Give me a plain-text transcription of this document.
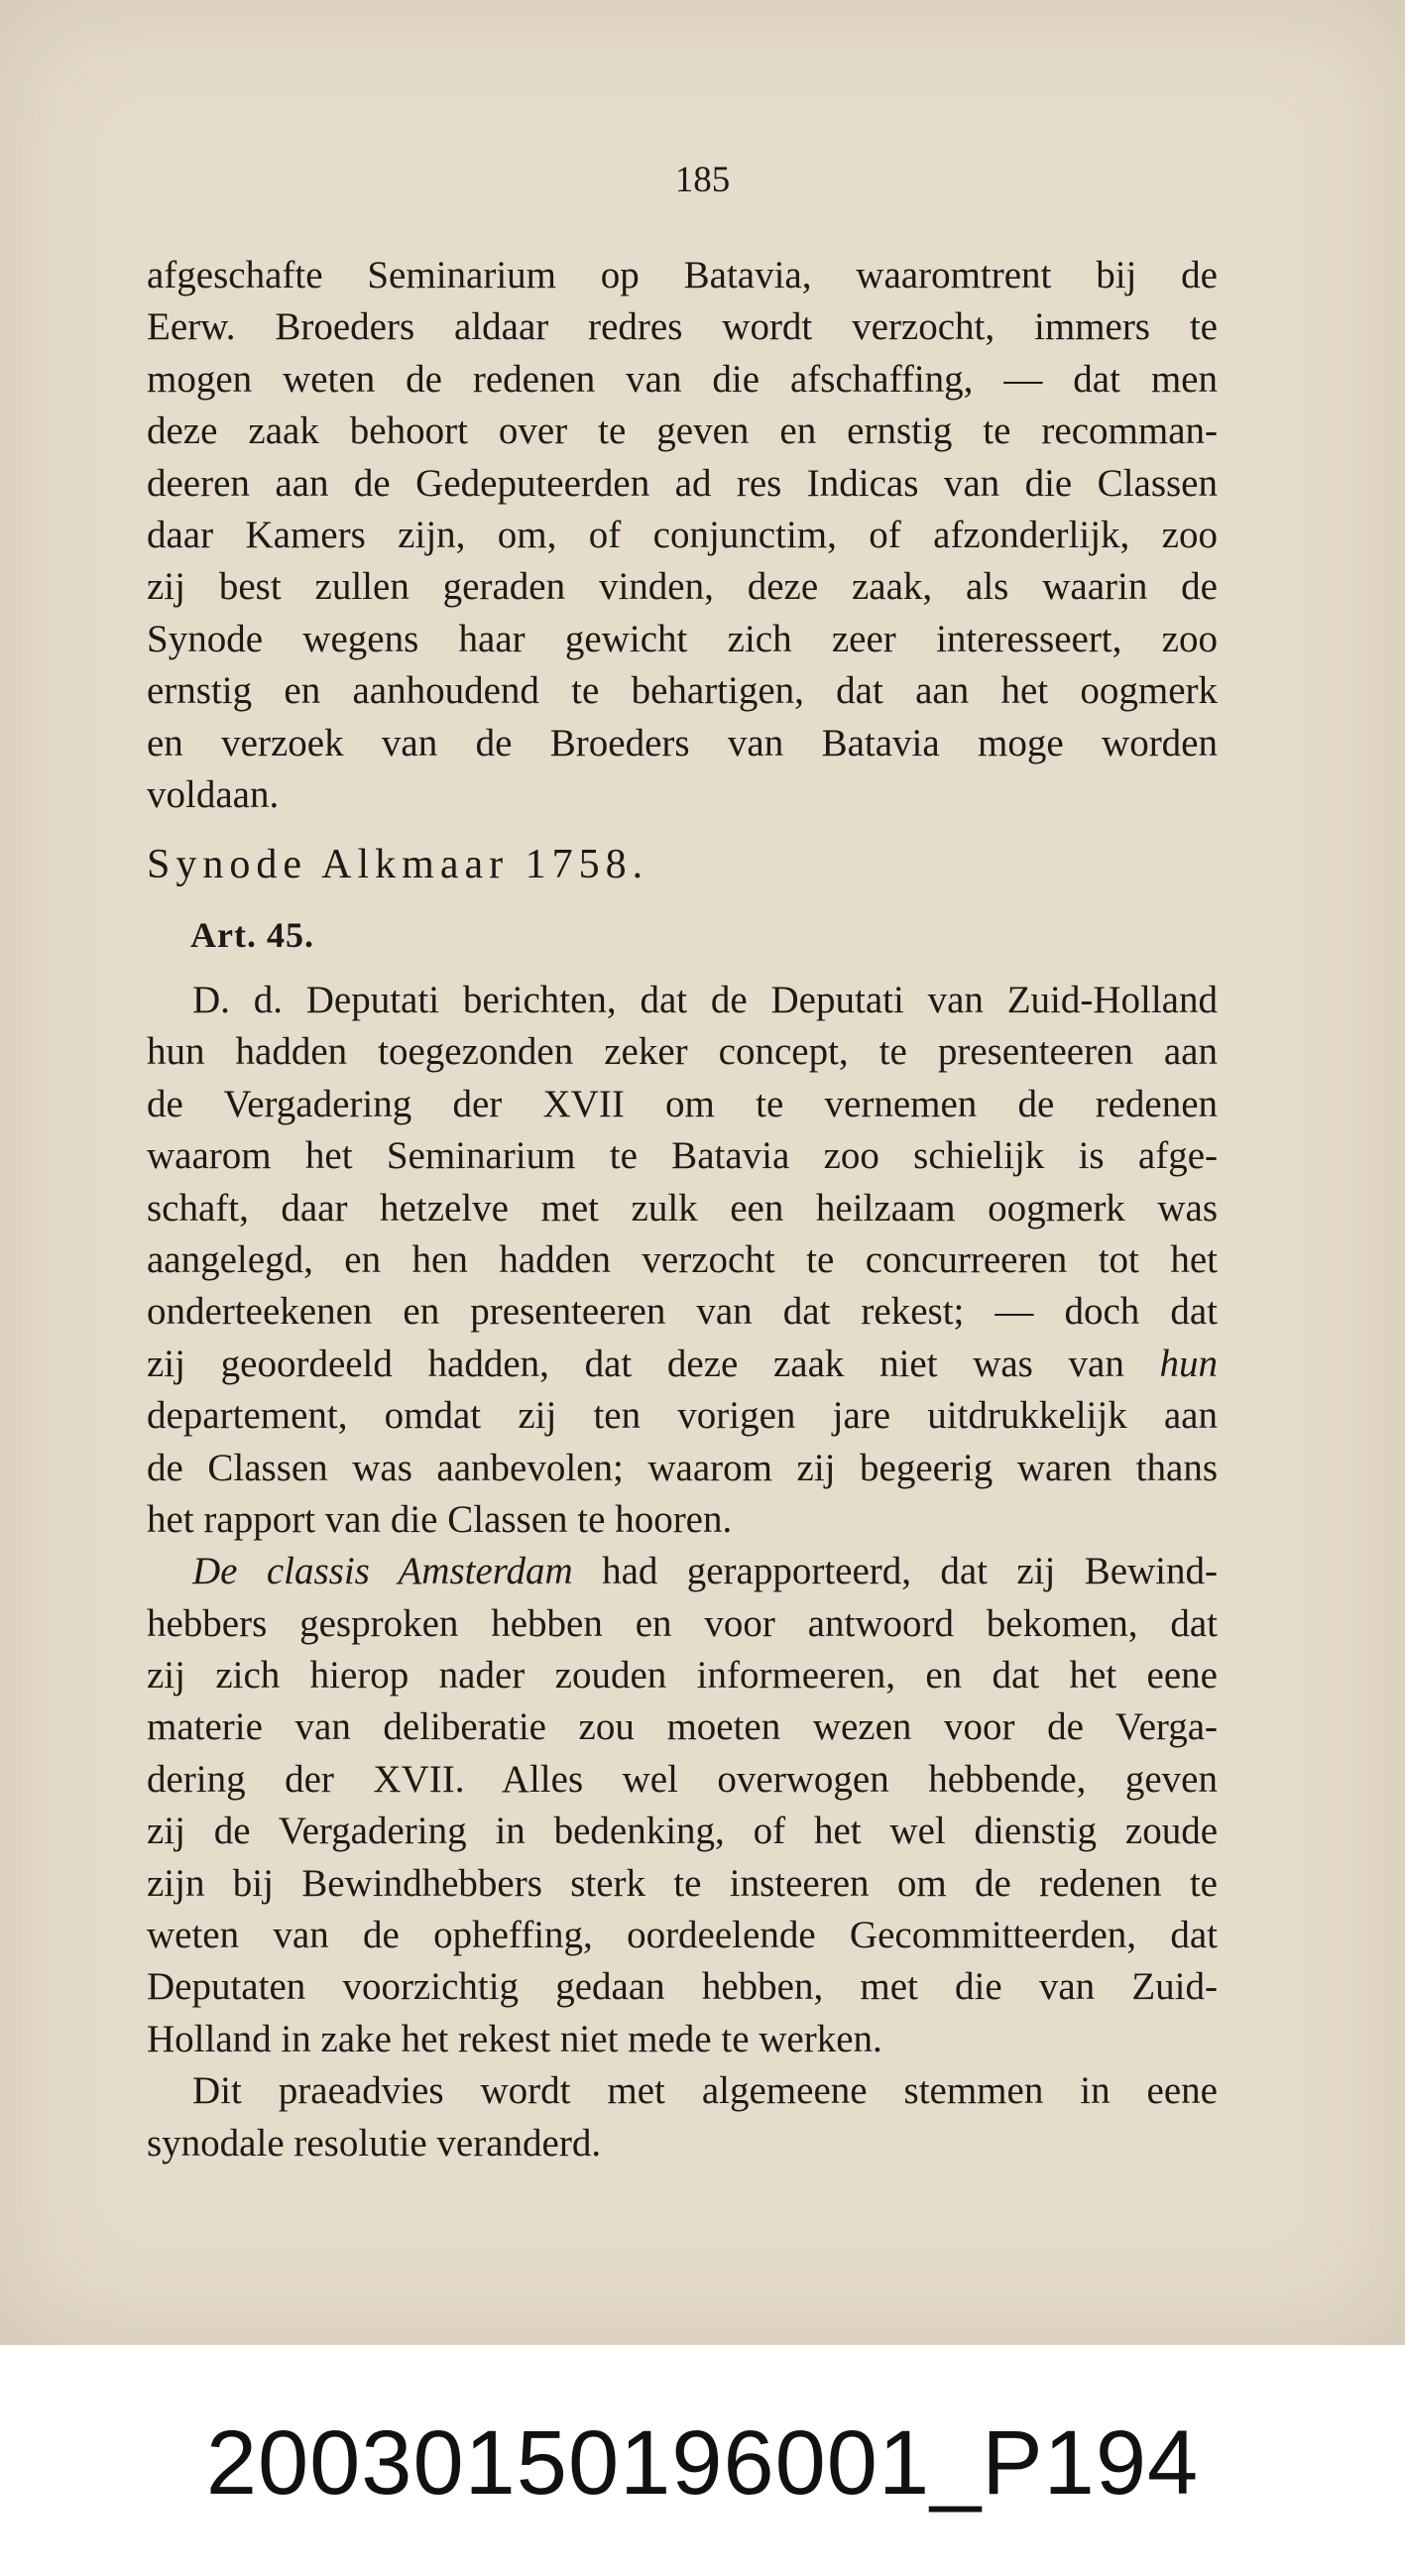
185
afgeschafte Seminarium op Batavia, waaromtrent bij de
Eerw. Broeders aldaar redres wordt verzocht, immers te
mogen weten de redenen van die afschaffing, — dat men
deze zaak behoort over te geven en ernstig te recomman-
deeren aan de Gedeputeerden ad res Indicas van die Classen
daar Kamers zijn, om, of conjunctim, of afzonderlijk, zoo
zij best zullen geraden vinden, deze zaak, als waarin de
Synode wegens haar gewicht zich zeer interesseert, zoo
ernstig en aanhoudend te behartigen, dat aan het oogmerk
en verzoek van de Broeders van Batavia moge worden
voldaan.
Synode Alkmaar 1758.
Art. 45.
D. d. Deputati berichten, dat de Deputati van Zuid-Holland
hun hadden toegezonden zeker concept, te presenteeren aan
de Vergadering der XVII om te vernemen de redenen
waarom het Seminarium te Batavia zoo schielijk is afge-
schaft, daar hetzelve met zulk een heilzaam oogmerk was
aangelegd, en hen hadden verzocht te concurreeren tot het
onderteekenen en presenteeren van dat rekest; — doch dat
zij geoordeeld hadden, dat deze zaak niet was van hun
departement, omdat zij ten vorigen jare uitdrukkelijk aan
de Classen was aanbevolen; waarom zij begeerig waren thans
het rapport van die Classen te hooren.
De classis Amsterdam had gerapporteerd, dat zij Bewind-
hebbers gesproken hebben en voor antwoord bekomen, dat
zij zich hierop nader zouden informeeren, en dat het eene
materie van deliberatie zou moeten wezen voor de Verga-
dering der XVII. Alles wel overwogen hebbende, geven
zij de Vergadering in bedenking, of het wel dienstig zoude
zijn bij Bewindhebbers sterk te insteeren om de redenen te
weten van de opheffing, oordeelende Gecommitteerden, dat
Deputaten voorzichtig gedaan hebben, met die van Zuid-
Holland in zake het rekest niet mede te werken.
Dit praeadvies wordt met algemeene stemmen in eene
synodale resolutie veranderd.
20030150196001_P194
